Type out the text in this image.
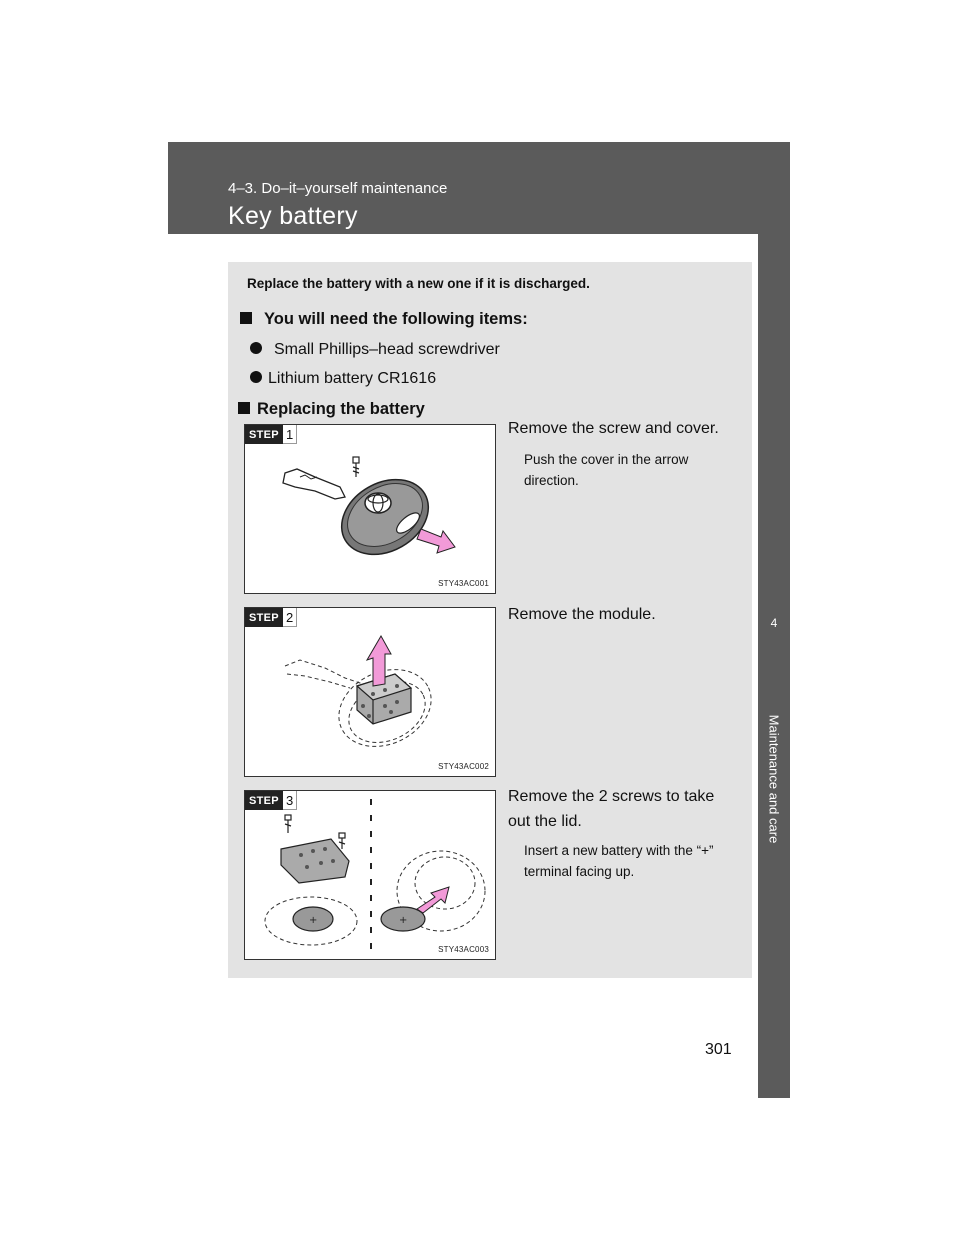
4–3. Do–it–yourself maintenance
Key battery
4
Maintenance and care
Replace the battery with a new one if it is discharged.
You will need the following items:
Small Phillips–head screwdriver
Lithium battery CR1616
Replacing the battery
STEP 1
STY43AC001
Remove the screw and cover.
Push the cover in the arrow direction.
STEP 2
STY43AC002
Remove the module.
+	+
STEP 3
STY43AC003
Remove the 2 screws to take out the lid.
Insert a new battery with the “+” terminal facing up.
301
